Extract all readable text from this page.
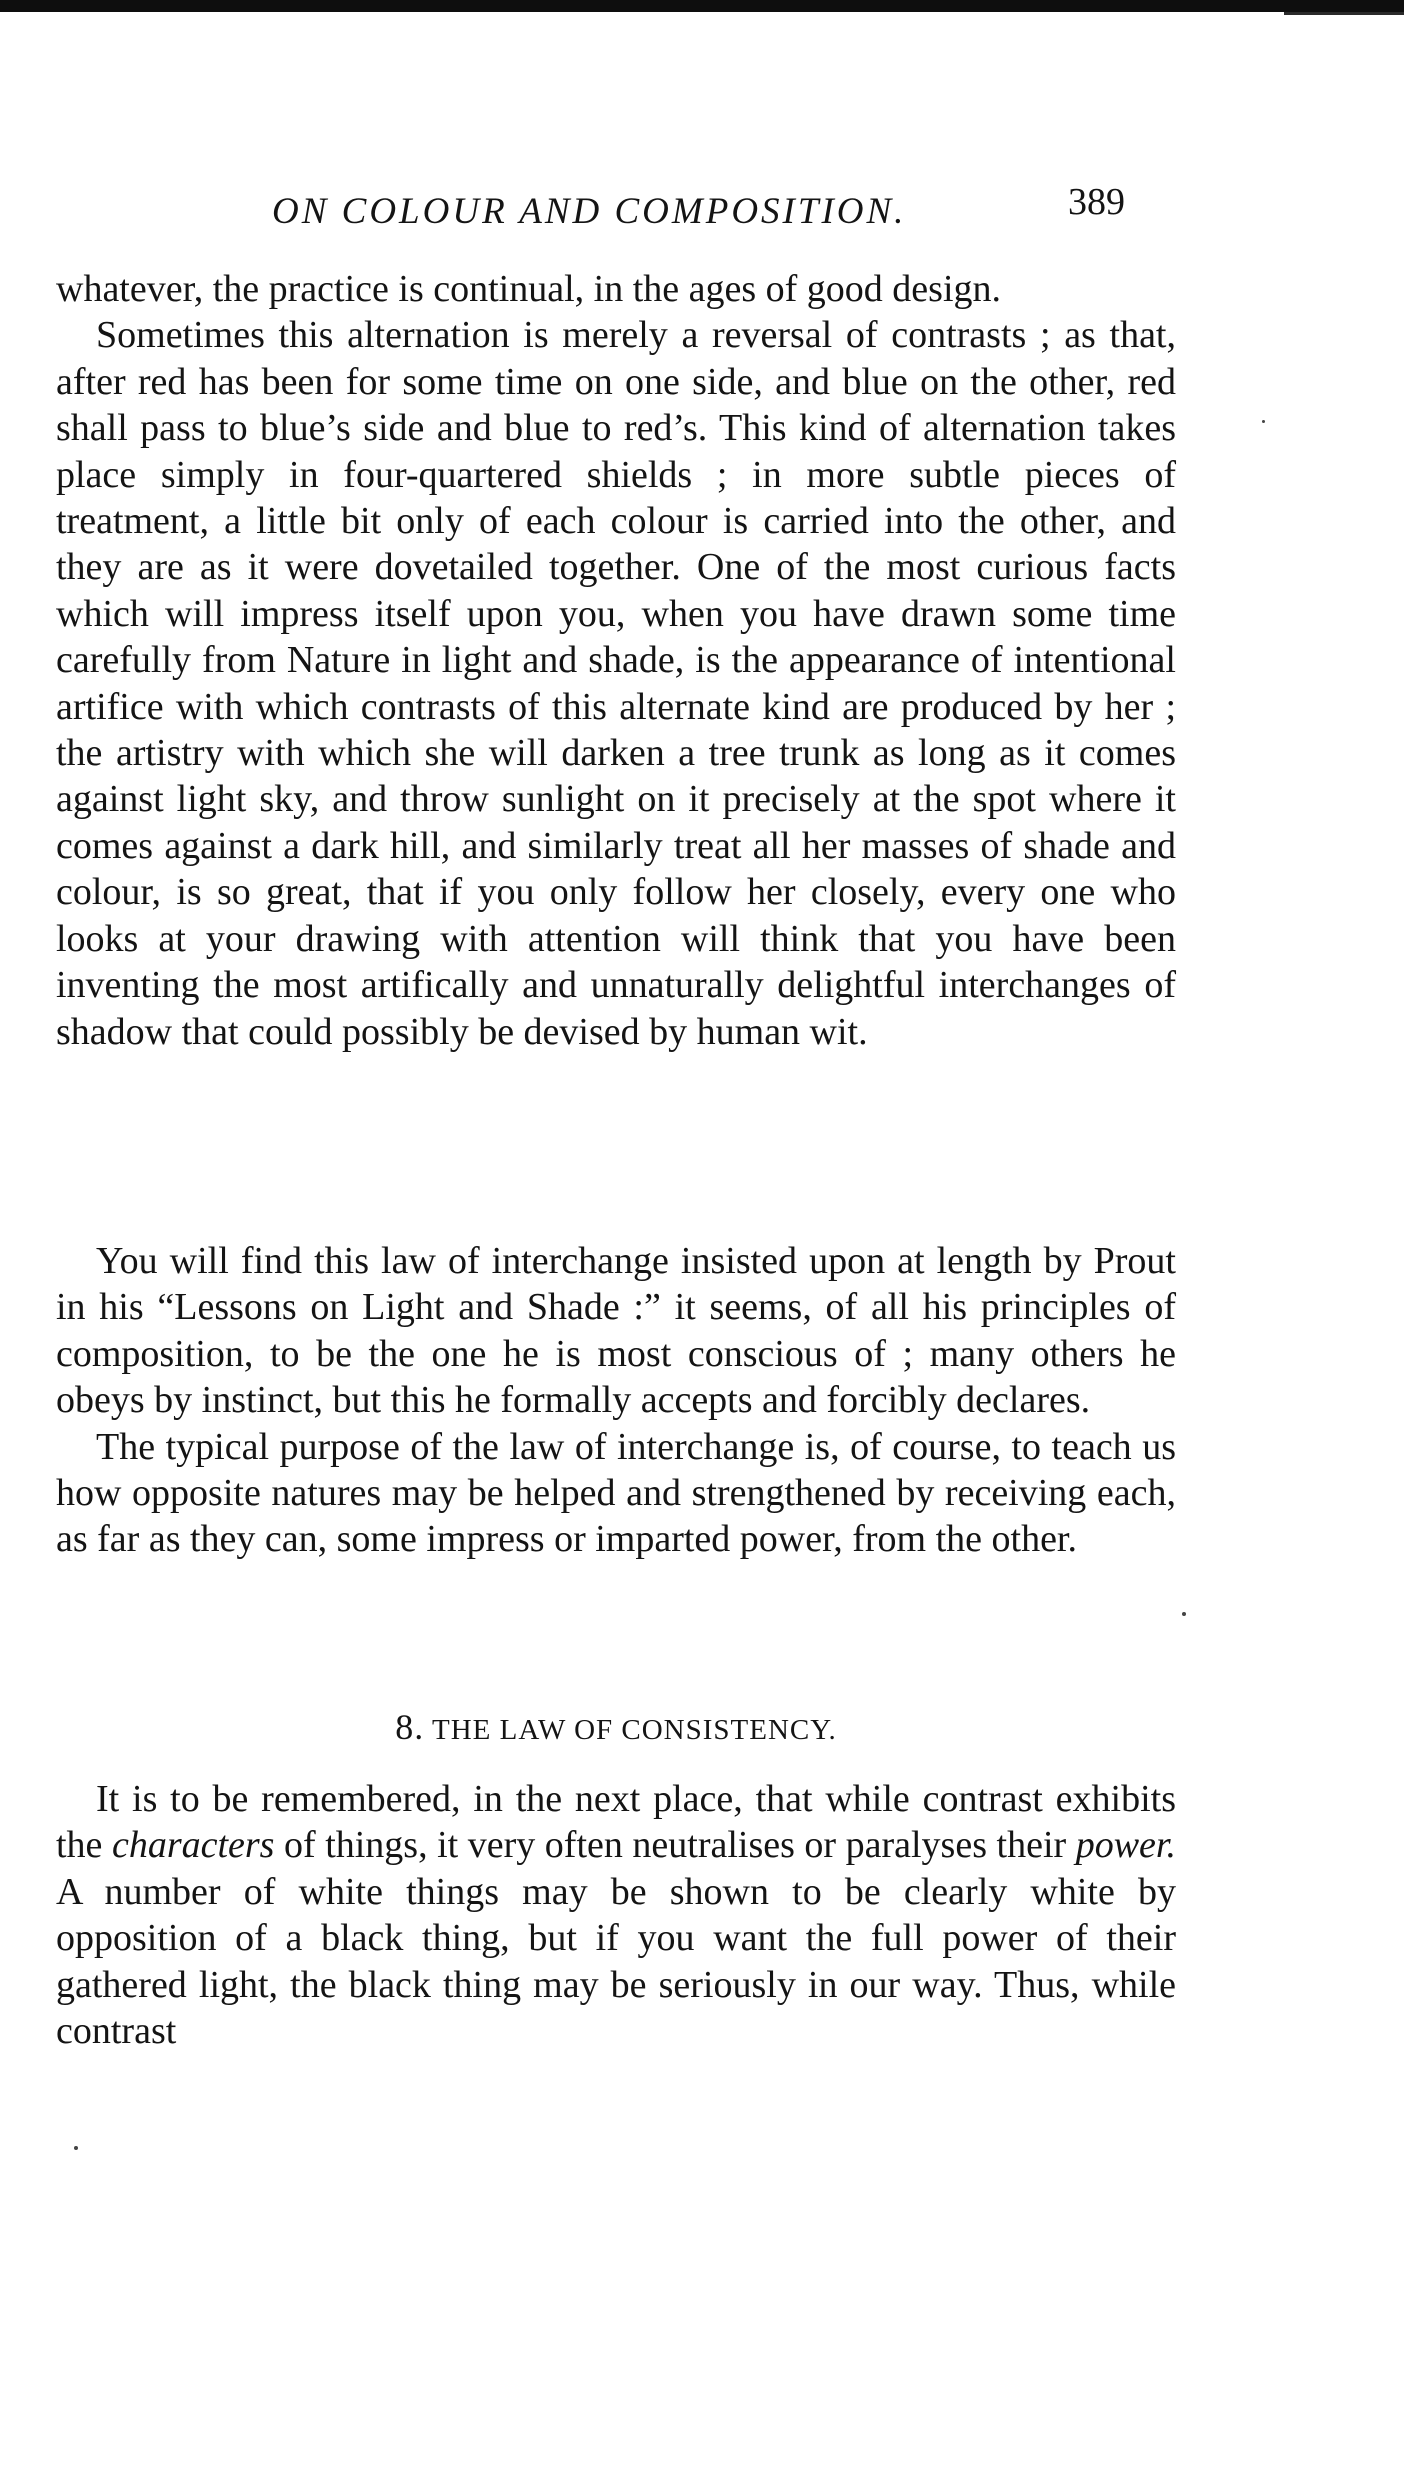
ON COLOUR AND COMPOSITION.	389

whatever, the practice is continual, in the ages of good design.

Sometimes this alternation is merely a reversal of contrasts ; as that, after red has been for some time on one side, and blue on the other, red shall pass to blue’s side and blue to red’s. This kind of alternation takes place simply in four-quartered shields ; in more subtle pieces of treatment, a little bit only of each colour is carried into the other, and they are as it were dovetailed together. One of the most curious facts which will impress itself upon you, when you have drawn some time carefully from Nature in light and shade, is the appearance of intentional artifice with which contrasts of this alternate kind are produced by her ; the artistry with which she will darken a tree trunk as long as it comes against light sky, and throw sunlight on it precisely at the spot where it comes against a dark hill, and similarly treat all her masses of shade and colour, is so great, that if you only follow her closely, every one who looks at your drawing with attention will think that you have been inventing the most artifically and unnaturally delightful interchanges of shadow that could possibly be devised by human wit.

You will find this law of interchange insisted upon at length by Prout in his “Lessons on Light and Shade :” it seems, of all his principles of composition, to be the one he is most conscious of ; many others he obeys by instinct, but this he formally accepts and forcibly declares.

The typical purpose of the law of interchange is, of course, to teach us how opposite natures may be helped and strengthened by receiving each, as far as they can, some impress or imparted power, from the other.

8. THE LAW OF CONSISTENCY.

It is to be remembered, in the next place, that while contrast exhibits the characters of things, it very often neutralises or paralyses their power. A number of white things may be shown to be clearly white by opposition of a black thing, but if you want the full power of their gathered light, the black thing may be seriously in our way. Thus, while contrast
